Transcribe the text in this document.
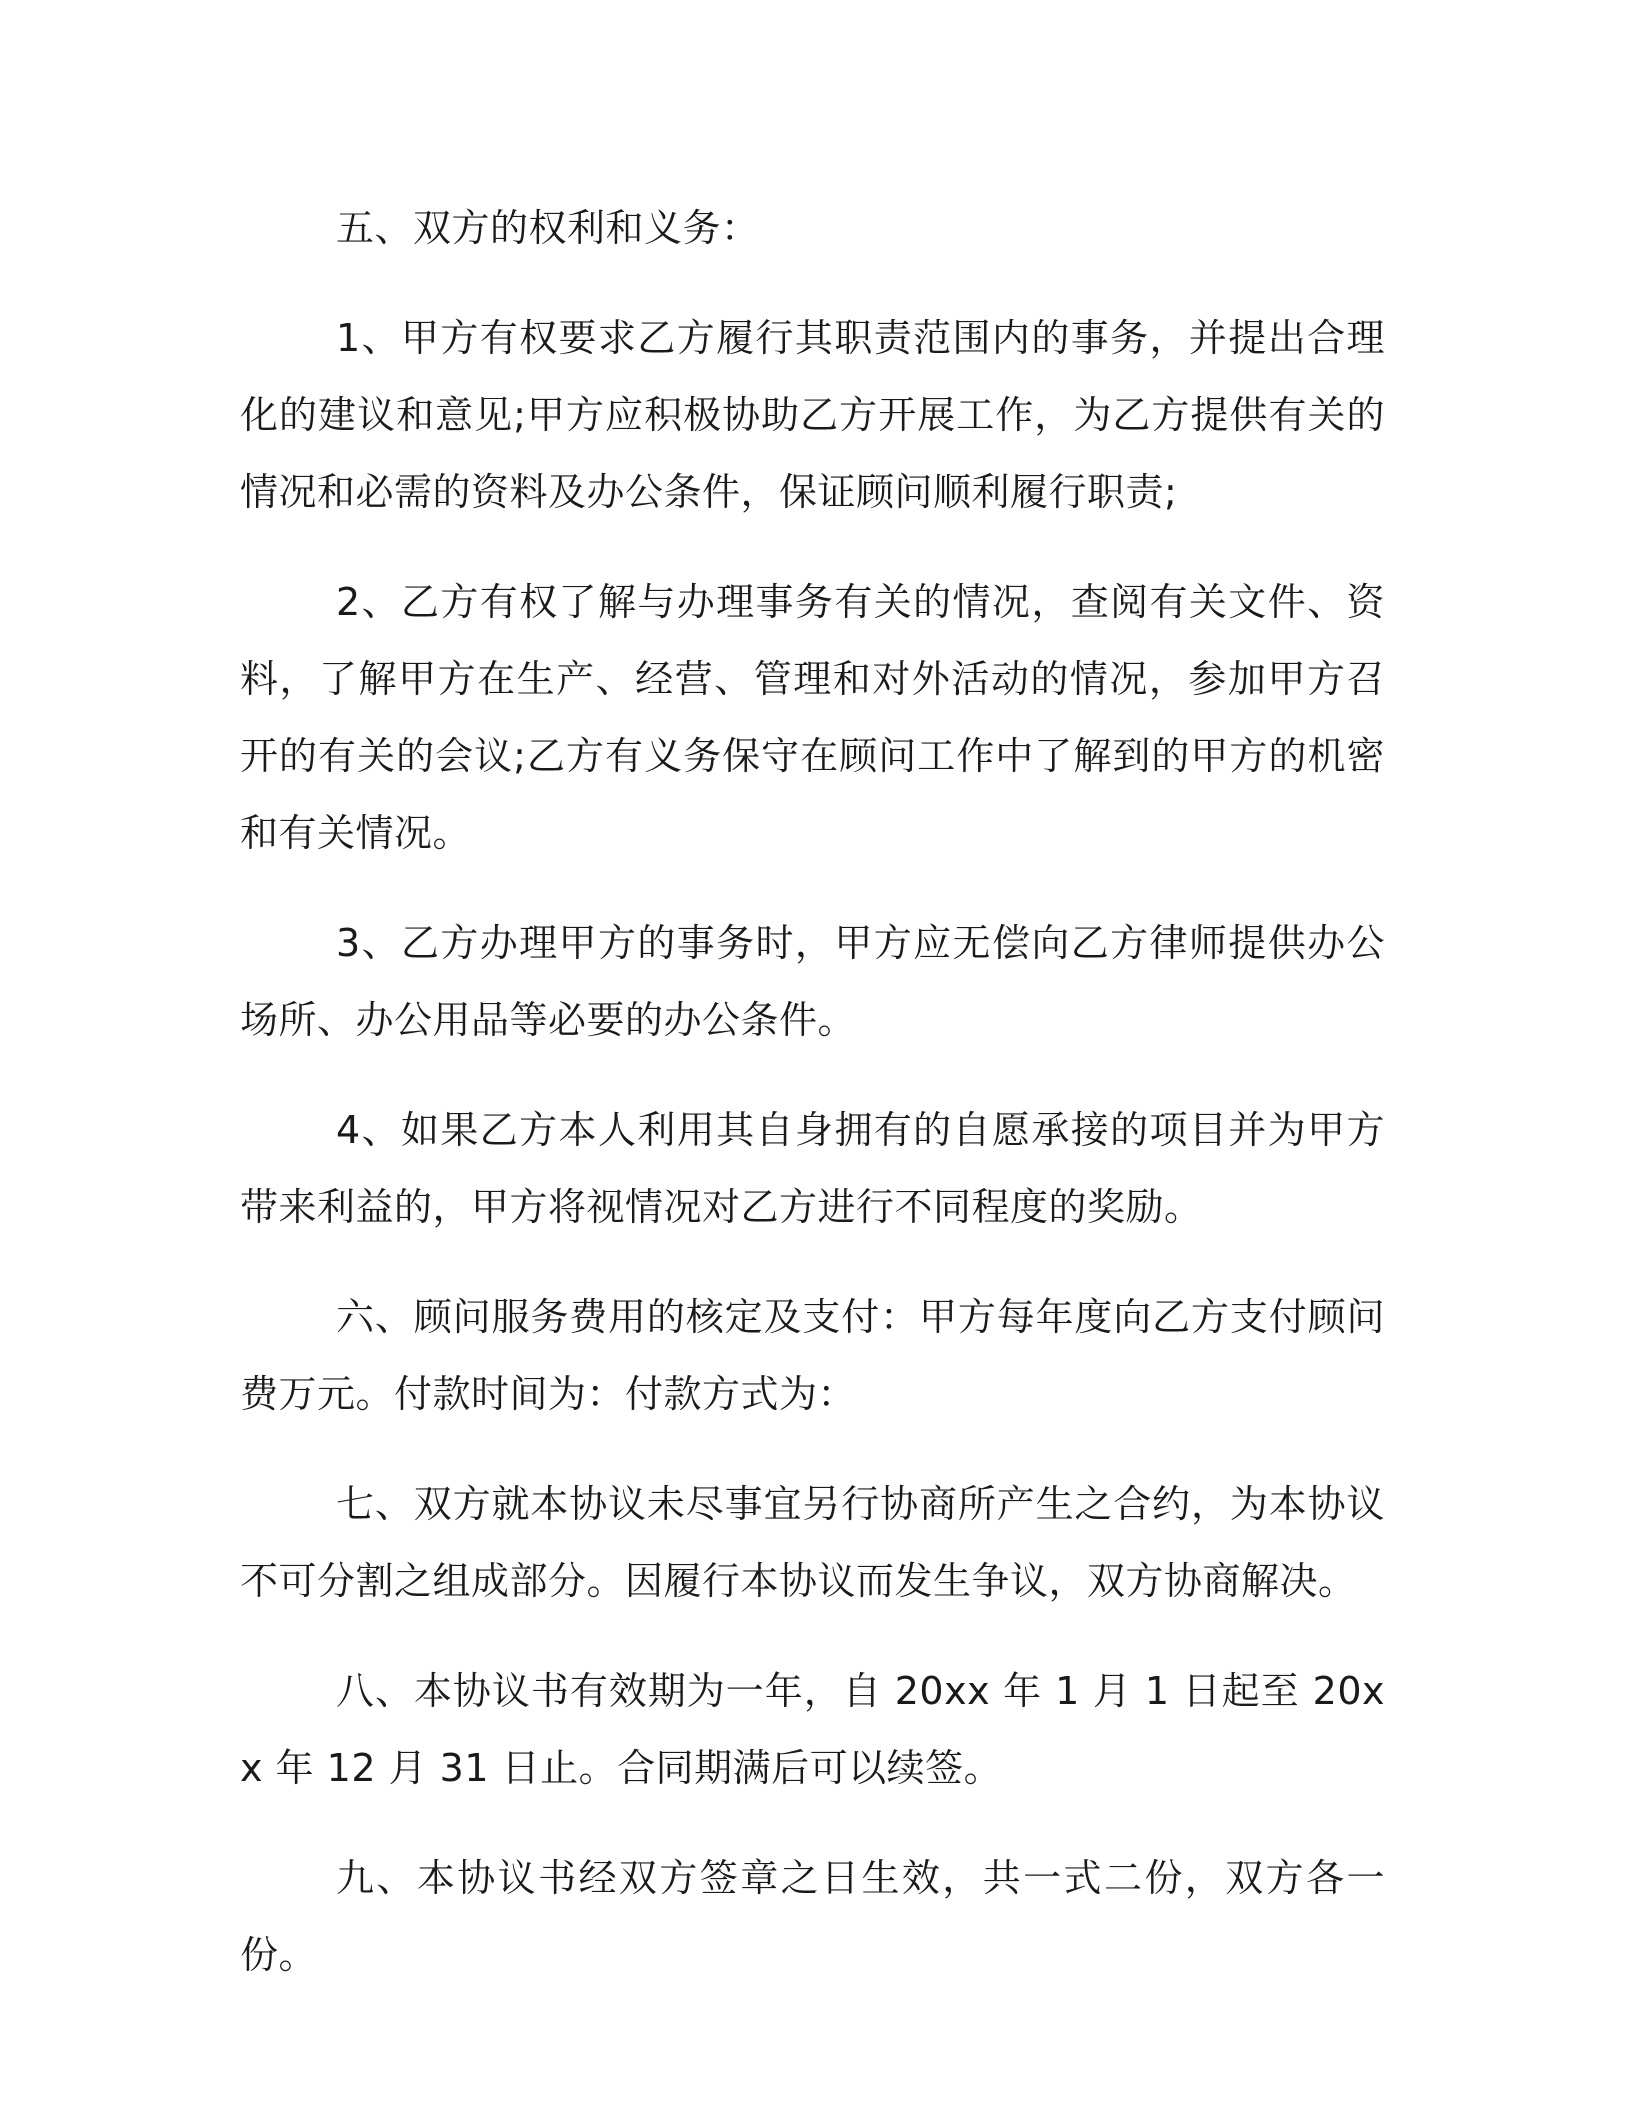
五、双方的权利和义务：

1、甲方有权要求乙方履行其职责范围内的事务，并提出合理化的建议和意见;甲方应积极协助乙方开展工作，为乙方提供有关的情况和必需的资料及办公条件，保证顾问顺利履行职责;

2、乙方有权了解与办理事务有关的情况，查阅有关文件、资料，了解甲方在生产、经营、管理和对外活动的情况，参加甲方召开的有关的会议;乙方有义务保守在顾问工作中了解到的甲方的机密和有关情况。

3、乙方办理甲方的事务时，甲方应无偿向乙方律师提供办公场所、办公用品等必要的办公条件。

4、如果乙方本人利用其自身拥有的自愿承接的项目并为甲方带来利益的，甲方将视情况对乙方进行不同程度的奖励。

六、顾问服务费用的核定及支付：甲方每年度向乙方支付顾问费万元。付款时间为：付款方式为：

七、双方就本协议未尽事宜另行协商所产生之合约，为本协议不可分割之组成部分。因履行本协议而发生争议，双方协商解决。

八、本协议书有效期为一年，自 20xx 年 1 月 1 日起至 20xx 年 12 月 31 日止。合同期满后可以续签。

九、本协议书经双方签章之日生效，共一式二份，双方各一份。
